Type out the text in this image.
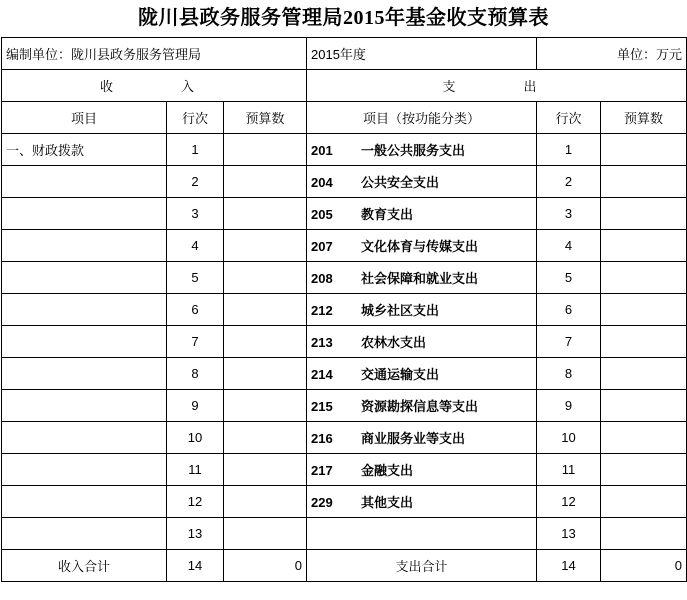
陇川县政务服务管理局2015年基金收支预算表
编制单位：陇川县政务服务管理局			2015年度	单位：万元	
收　　入			支　　出		
项目	行次	预算数	项目（按功能分类）	行次	预算数
一、财政拨款	1		201 一般公共服务支出	1	
	2		204 公共安全支出	2	
	3		205 教育支出	3	
	4		207 文化体育与传媒支出	4	
	5		208 社会保障和就业支出	5	
	6		212 城乡社区支出	6	
	7		213 农林水支出	7	
	8		214 交通运输支出	8	
	9		215 资源勘探信息等支出	9	
	10		216 商业服务业等支出	10	
	11		217 金融支出	11	
	12		229 其他支出	12	
	13			13	
收入合计	14	0	支出合计	14	0
